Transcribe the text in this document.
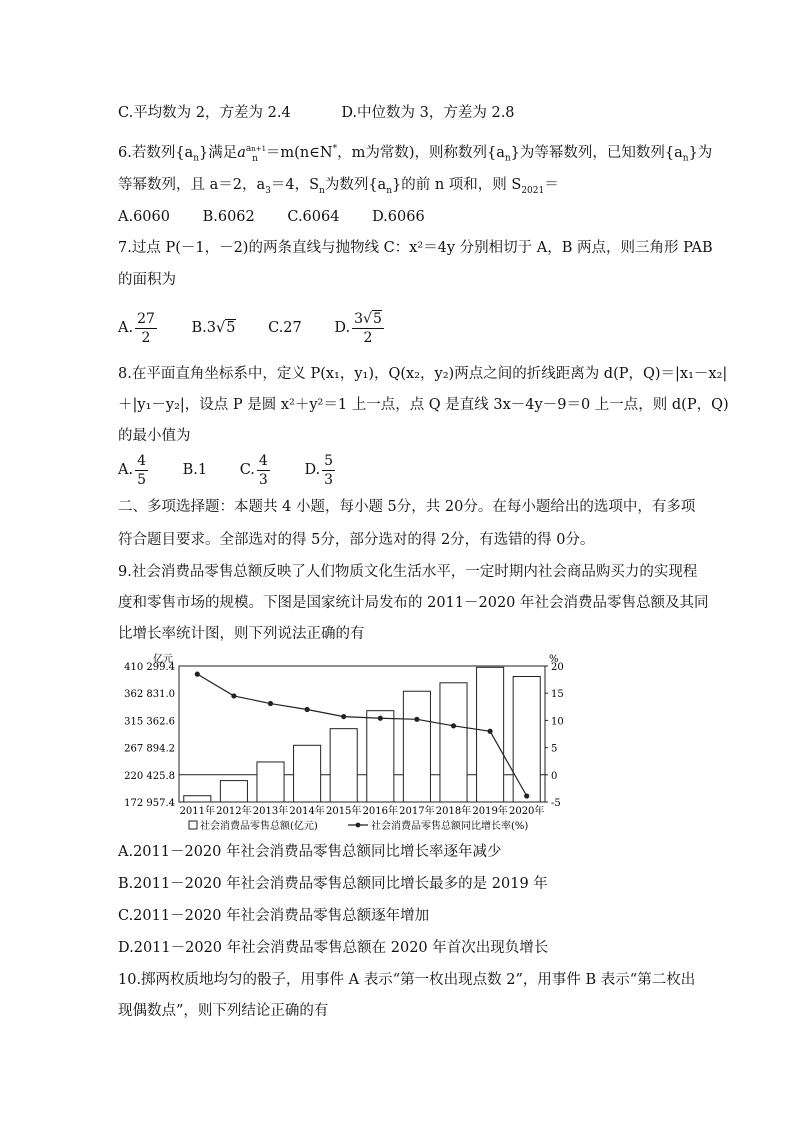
C.平均数为 2，方差为 2.4	D.中位数为 3，方差为 2.8
6.若数列$\{a_n\}$满足$a^{an+1}_n$ ＝m(n∈N*，m为常数)，则称数列$\{a_n\}$为等幂数列，已知数列$\{a_n\}$为
等幂数列，且 a＝2，$a_3=4$，$S_n$为数列$\{a_n\}$的前 n 项和，则 $S_{2021}=$
A.6060 B.6062 C.6064 D.6066
7.过点 P(－1，－2)的两条直线与抛物线 C：x²＝4y 分别相切于 A，B 两点，则三角形 PAB
的面积为
A. $\frac{27}{2} B.3√5$ C.27 D. $\frac{3√5}{2}$
8.在平面直角坐标系中，定义 P(x₁，y₁)，Q(x₂，y₂)两点之间的折线距离为 d(P，Q)＝|x₁－x₂|
＋|y₁－y₂|，设点 P 是圆 x²＋y²＝1 上一点，点 Q 是直线 3x－4y－9＝0 上一点，则 d(P，Q)
的最小值为
A. $\frac{4}{5} B.1$ C. $\frac{4}{3} D$. $\frac{5}{3}$
二、多项选择题：本题共 4 小题，每小题 5分，共 20分。在每小题给出的选项中，有多项
符合题目要求。全部选对的得 5分，部分选对的得 2分，有选错的得 0分。
9.社会消费品零售总额反映了人们物质文化生活水平，一定时期内社会商品购买力的实现程
度和零售市场的规模。下图是国家统计局发布的 2011－2020 年社会消费品零售总额及其同
比增长率统计图，则下列说法正确的有
亿元	%
410 299.4
362 831.0
315 362.6
267 894.2
220 425.8
172 957.4
20
15
10
5
0
-5
2011年 2012年 2013年 2014年 2015年 2016年 2017年 2018年 2019年 2020年
社会消费品零售总额(亿元)	社会消费品零售总额同比增长率(%)
A.2011－2020 年社会消费品零售总额同比增长率逐年减少
B.2011－2020 年社会消费品零售总额同比增长最多的是 2019 年
C.2011－2020 年社会消费品零售总额逐年增加
D.2011－2020 年社会消费品零售总额在 2020 年首次出现负增长
10.掷两枚质地均匀的骰子，用事件 A 表示“第一枚出现点数 2”，用事件 B 表示“第二枚出
现偶数点”，则下列结论正确的有
